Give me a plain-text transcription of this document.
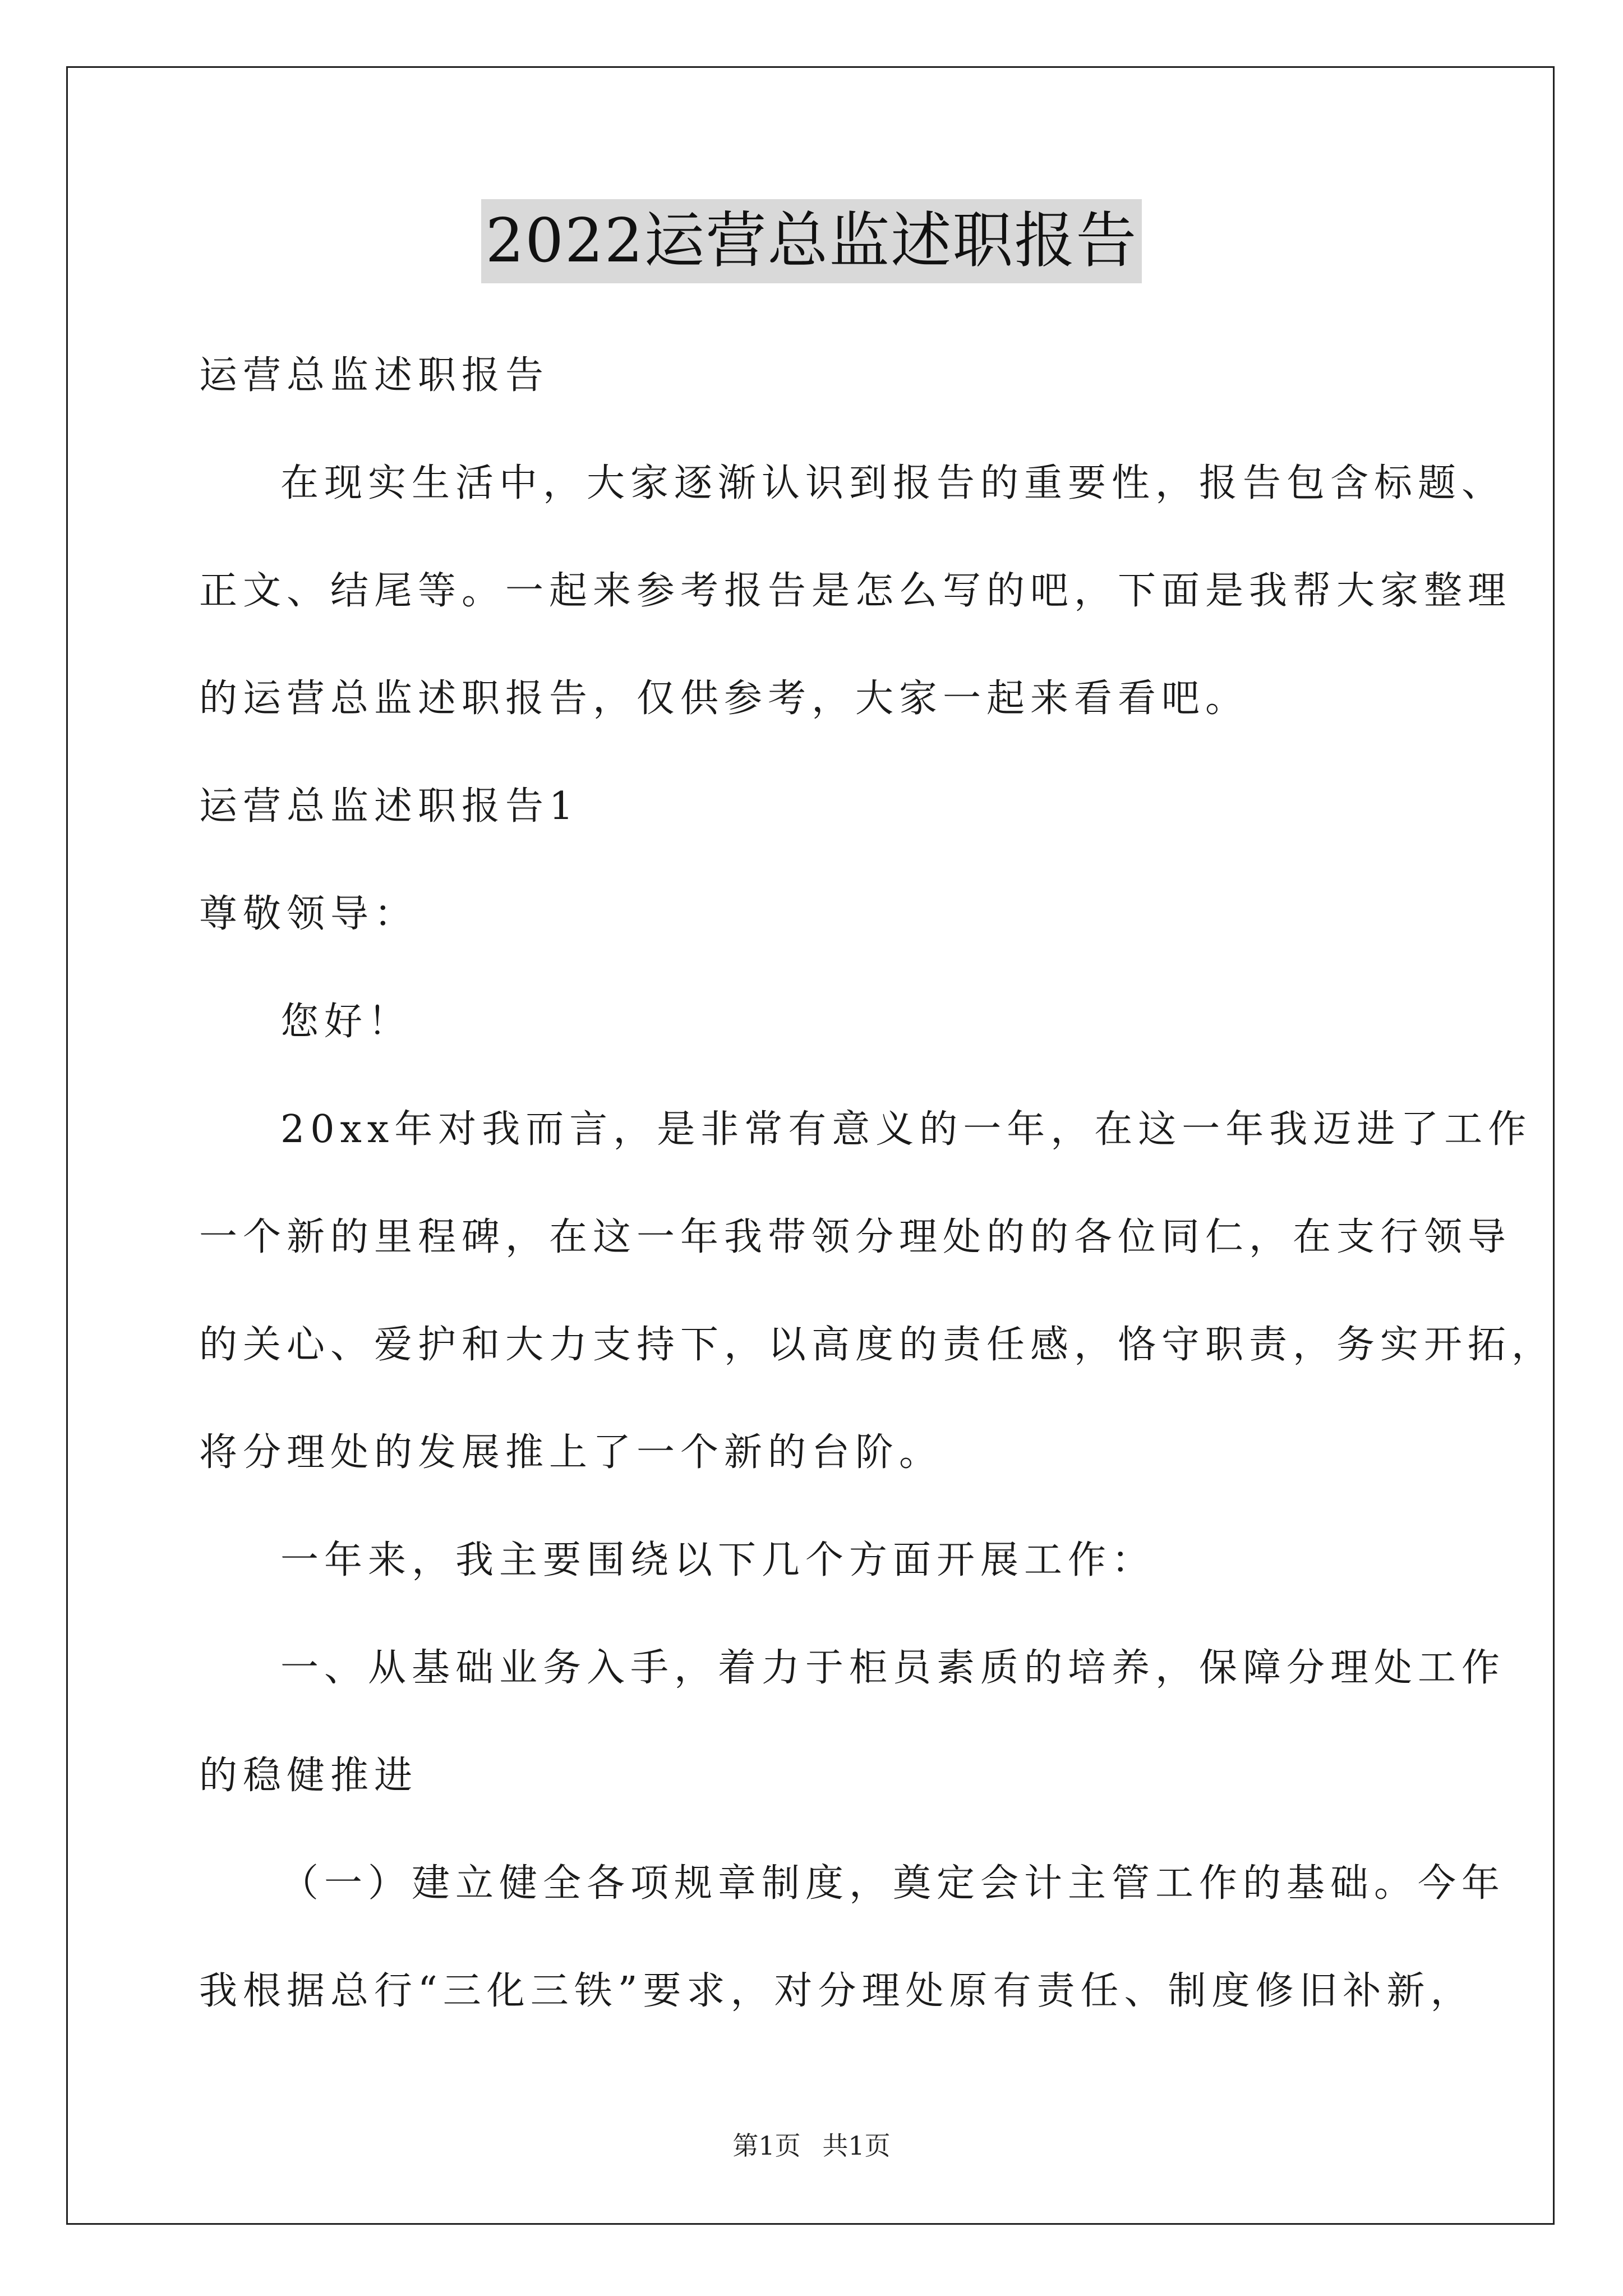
2022运营总监述职报告
运营总监述职报告
在现实生活中，大家逐渐认识到报告的重要性，报告包含标题、
正文、结尾等。一起来参考报告是怎么写的吧，下面是我帮大家整理
的运营总监述职报告，仅供参考，大家一起来看看吧。
运营总监述职报告1
尊敬领导：
您好！
20xx年对我而言，是非常有意义的一年，在这一年我迈进了工作
一个新的里程碑，在这一年我带领分理处的的各位同仁，在支行领导
的关心、爱护和大力支持下，以高度的责任感，恪守职责，务实开拓，
将分理处的发展推上了一个新的台阶。
一年来，我主要围绕以下几个方面开展工作：
一、从基础业务入手，着力于柜员素质的培养，保障分理处工作
的稳健推进
（一）建立健全各项规章制度，奠定会计主管工作的基础。今年
我根据总行“三化三铁”要求，对分理处原有责任、制度修旧补新，
第1页 共1页
